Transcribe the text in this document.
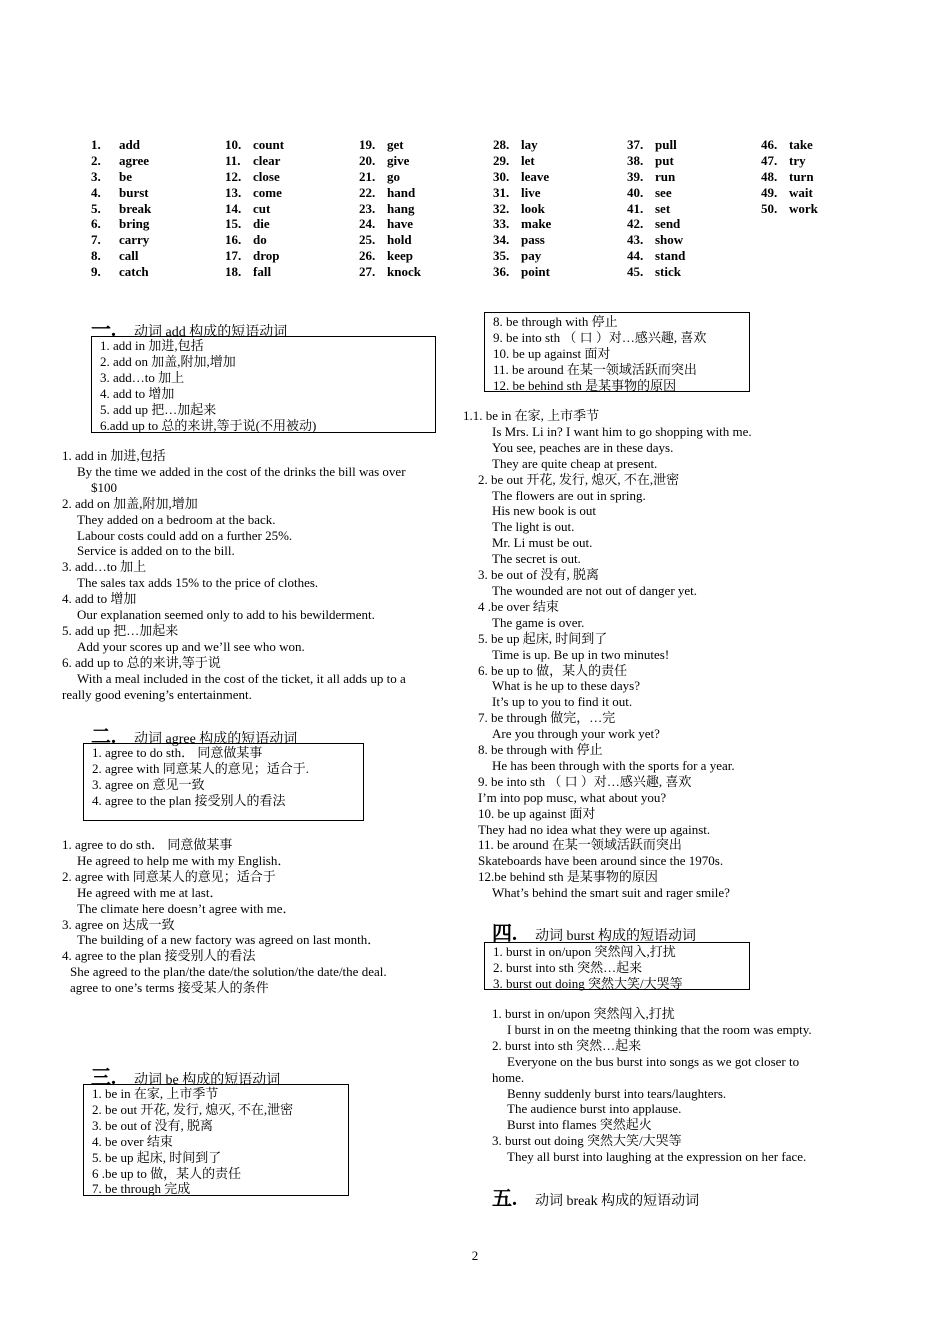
1. add
2. agree
3. be
4. burst
5. break
6. bring
7. carry
8. call
9. catch
10. count
11. clear
12. close
13. come
14. cut
15. die
16. do
17. drop
18. fall
19. get
20. give
21. go
22. hand
23. hang
24. have
25. hold
26. keep
27. knock
28. lay
29. let
30. leave
31. live
32. look
33. make
34. pass
35. pay
36. point
37. pull
38. put
39. run
40. see
41. set
42. send
43. show
44. stand
45. stick
46. take
47. try
48. turn
49. wait
50. work
一. 动词 add 构成的短语动词
1. add in 加进,包括
2. add on 加盖,附加,增加
3. add…to 加上
4. add to 增加
5. add up 把…加起来
6.add up to 总的来讲,等于说(不用被动)
1. add in 加进,包括
By the time we added in the cost of the drinks the bill was over
$100
2. add on 加盖,附加,增加
They added on a bedroom at the back.
Labour costs could add on a further 25%.
Service is added on to the bill.
3. add…to 加上
The sales tax adds 15% to the price of clothes.
4. add to 增加
Our explanation seemed only to add to his bewilderment.
5. add up 把…加起来
Add your scores up and we’ll see who won.
6. add up to 总的来讲,等于说
With a meal included in the cost of the ticket, it all adds up to a
really good evening’s entertainment.
二. 动词 agree 构成的短语动词
1. agree to do sth． 同意做某事
2. agree with 同意某人的意见；适合于.
3. agree on 意见一致
4. agree to the plan 接受别人的看法
1. agree to do sth． 同意做某事
He agreed to help me with my English．
2. agree with 同意某人的意见；适合于
He agreed with me at last．
The climate here doesn’t agree with me．
3. agree on 达成一致
The building of a new factory was agreed on last month．
4. agree to the plan 接受别人的看法
She agreed to the plan/the date/the solution/the date/the deal.
agree to one’s terms 接受某人的条件
三. 动词 be 构成的短语动词
1. be in 在家, 上市季节
2. be out 开花, 发行, 熄灭, 不在,泄密
3. be out of 没有, 脱离
4. be over 结束
5. be up 起床, 时间到了
6 .be up to 做，某人的责任
7. be through 完成
8. be through with 停止
9. be into sth （ 口 ）对…感兴趣, 喜欢
10. be up against 面对
11. be around 在某一领域活跃而突出
12. be behind sth 是某事物的原因
1.1. be in 在家, 上市季节
Is Mrs. Li in? I want him to go shopping with me.
You see, peaches are in these days.
They are quite cheap at present.
2. be out 开花, 发行, 熄灭, 不在,泄密
The flowers are out in spring.
His new book is out
The light is out.
Mr. Li must be out.
The secret is out.
3. be out of 没有, 脱离
The wounded are not out of danger yet.
4 .be over 结束
The game is over.
5. be up 起床, 时间到了
Time is up. Be up in two minutes!
6. be up to 做，某人的责任
What is he up to these days?
It’s up to you to find it out.
7. be through 做完，…完
Are you through your work yet?
8. be through with 停止
He has been through with the sports for a year.
9. be into sth （ 口 ）对…感兴趣, 喜欢
I’m into pop musc, what about you?
10. be up against 面对
They had no idea what they were up against.
11. be around 在某一领域活跃而突出
Skateboards have been around since the 1970s.
12.be behind sth 是某事物的原因
What’s behind the smart suit and rager smile?
四. 动词 burst 构成的短语动词
1. burst in on/upon 突然闯入,打扰
2. burst into sth 突然…起来
3. burst out doing 突然大笑/大哭等
1. burst in on/upon 突然闯入,打扰
I burst in on the meetng thinking that the room was empty.
2. burst into sth 突然…起来
Everyone on the bus burst into songs as we got closer to
home.
Benny suddenly burst into tears/laughters.
The audience burst into applause.
Burst into flames 突然起火
3. burst out doing 突然大笑/大哭等
They all burst into laughing at the expression on her face.
五. 动词 break 构成的短语动词
2
